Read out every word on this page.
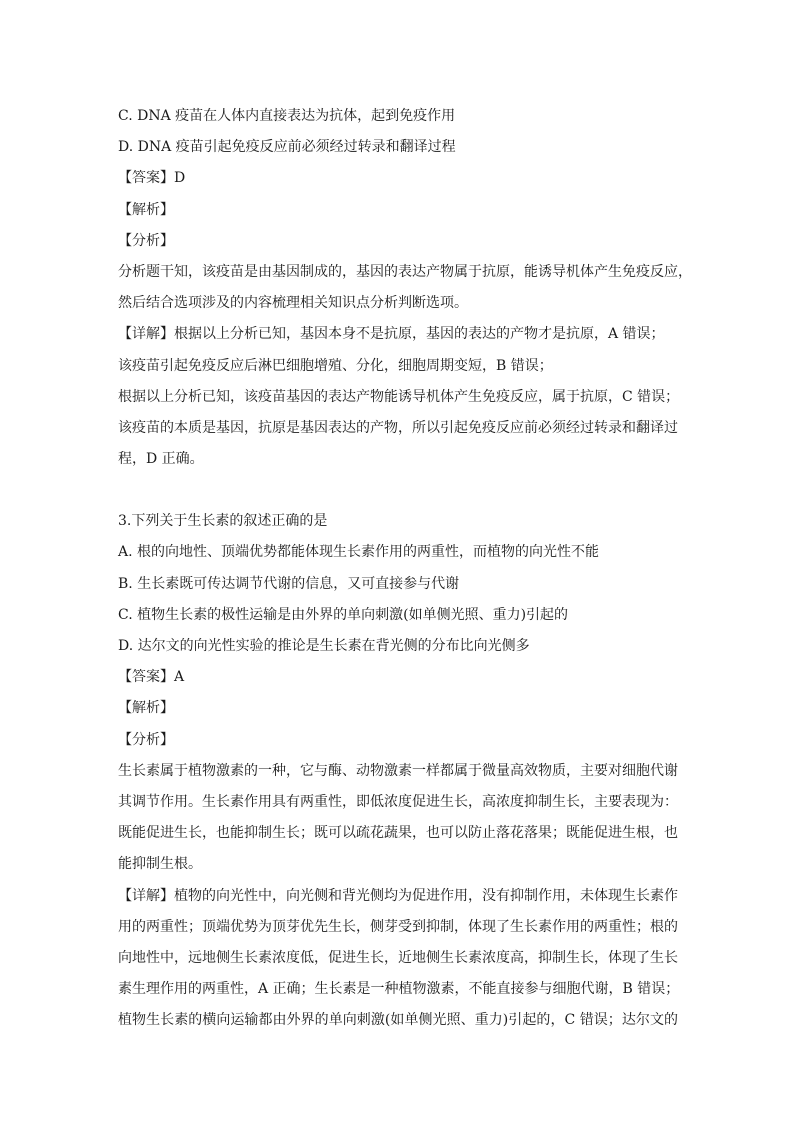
C. DNA 疫苗在人体内直接表达为抗体，起到免疫作用
D. DNA 疫苗引起免疫反应前必须经过转录和翻译过程
【答案】D
【解析】
【分析】
分析题干知，该疫苗是由基因制成的，基因的表达产物属于抗原，能诱导机体产生免疫反应，
然后结合选项涉及的内容梳理相关知识点分析判断选项。
【详解】根据以上分析已知，基因本身不是抗原，基因的表达的产物才是抗原，A 错误；
该疫苗引起免疫反应后淋巴细胞增殖、分化，细胞周期变短，B 错误；
根据以上分析已知，该疫苗基因的表达产物能诱导机体产生免疫反应，属于抗原，C 错误；
该疫苗的本质是基因，抗原是基因表达的产物，所以引起免疫反应前必须经过转录和翻译过
程，D 正确。
3.下列关于生长素的叙述正确的是
A. 根的向地性、顶端优势都能体现生长素作用的两重性，而植物的向光性不能
B. 生长素既可传达调节代谢的信息，又可直接参与代谢
C. 植物生长素的极性运输是由外界的单向刺激(如单侧光照、重力)引起的
D. 达尔文的向光性实验的推论是生长素在背光侧的分布比向光侧多
【答案】A
【解析】
【分析】
生长素属于植物激素的一种，它与酶、动物激素一样都属于微量高效物质，主要对细胞代谢
其调节作用。生长素作用具有两重性，即低浓度促进生长，高浓度抑制生长，主要表现为：
既能促进生长，也能抑制生长；既可以疏花蔬果，也可以防止落花落果；既能促进生根，也
能抑制生根。
【详解】植物的向光性中，向光侧和背光侧均为促进作用，没有抑制作用，未体现生长素作
用的两重性；顶端优势为顶芽优先生长，侧芽受到抑制，体现了生长素作用的两重性；根的
向地性中，远地侧生长素浓度低，促进生长，近地侧生长素浓度高，抑制生长，体现了生长
素生理作用的两重性，A 正确；生长素是一种植物激素，不能直接参与细胞代谢，B 错误；
植物生长素的横向运输都由外界的单向刺激(如单侧光照、重力)引起的，C 错误；达尔文的
